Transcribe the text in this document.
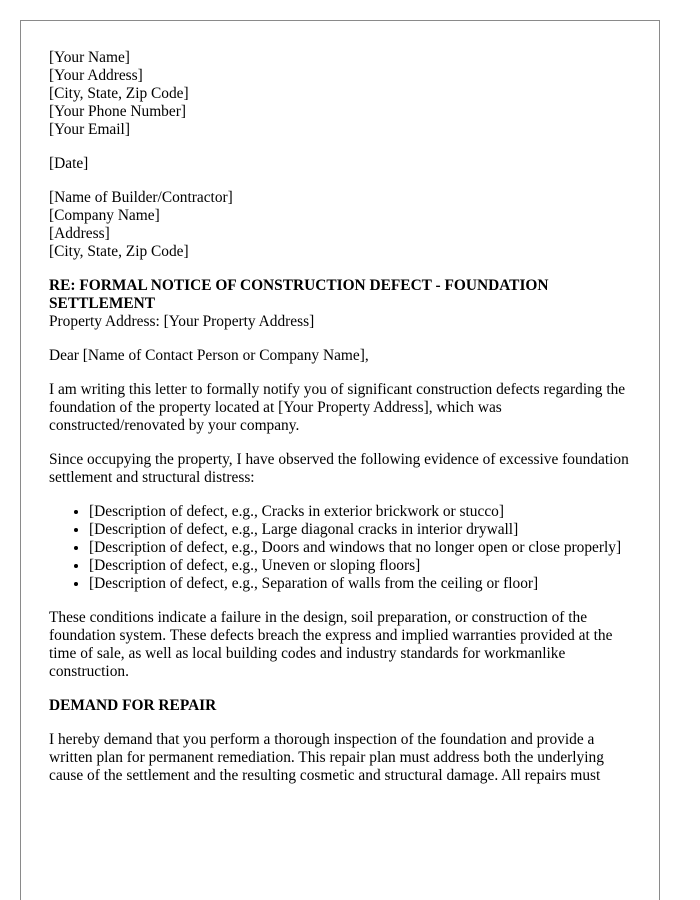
[Your Name]
[Your Address]
[City, State, Zip Code]
[Your Phone Number]
[Your Email]
[Date]
[Name of Builder/Contractor]
[Company Name]
[Address]
[City, State, Zip Code]
RE: FORMAL NOTICE OF CONSTRUCTION DEFECT - FOUNDATION SETTLEMENT
Property Address: [Your Property Address]

Dear [Name of Contact Person or Company Name],

I am writing this letter to formally notify you of significant construction defects regarding the foundation of the property located at [Your Property Address], which was constructed/renovated by your company.

Since occupying the property, I have observed the following evidence of excessive foundation settlement and structural distress:

• [Description of defect, e.g., Cracks in exterior brickwork or stucco]
• [Description of defect, e.g., Large diagonal cracks in interior drywall]
• [Description of defect, e.g., Doors and windows that no longer open or close properly]
• [Description of defect, e.g., Uneven or sloping floors]
• [Description of defect, e.g., Separation of walls from the ceiling or floor]

These conditions indicate a failure in the design, soil preparation, or construction of the foundation system. These defects breach the express and implied warranties provided at the time of sale, as well as local building codes and industry standards for workmanlike construction.

DEMAND FOR REPAIR

I hereby demand that you perform a thorough inspection of the foundation and provide a written plan for permanent remediation. This repair plan must address both the underlying cause of the settlement and the resulting cosmetic and structural damage. All repairs must
